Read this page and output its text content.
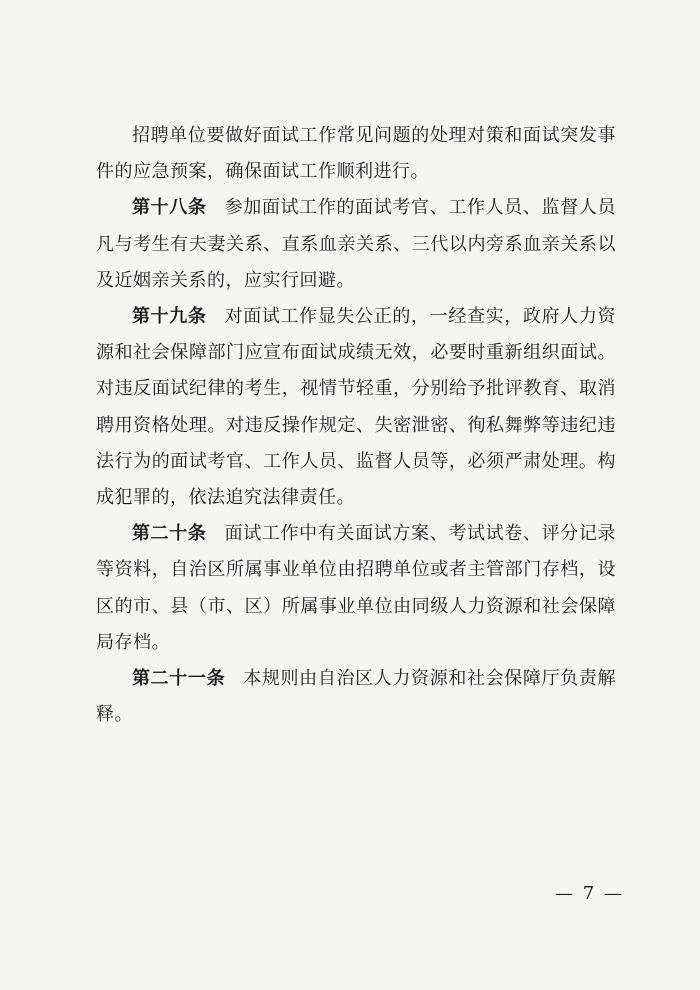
招聘单位要做好面试工作常见问题的处理对策和面试突发事件的应急预案，确保面试工作顺利进行。

第十八条 参加面试工作的面试考官、工作人员、监督人员凡与考生有夫妻关系、直系血亲关系、三代以内旁系血亲关系以及近姻亲关系的，应实行回避。

第十九条 对面试工作显失公正的，一经查实，政府人力资源和社会保障部门应宣布面试成绩无效，必要时重新组织面试。对违反面试纪律的考生，视情节轻重，分别给予批评教育、取消聘用资格处理。对违反操作规定、失密泄密、徇私舞弊等违纪违法行为的面试考官、工作人员、监督人员等，必须严肃处理。构成犯罪的，依法追究法律责任。

第二十条 面试工作中有关面试方案、考试试卷、评分记录等资料，自治区所属事业单位由招聘单位或者主管部门存档，设区的市、县（市、区）所属事业单位由同级人力资源和社会保障局存档。

第二十一条 本规则由自治区人力资源和社会保障厅负责解释。

— 7 —
